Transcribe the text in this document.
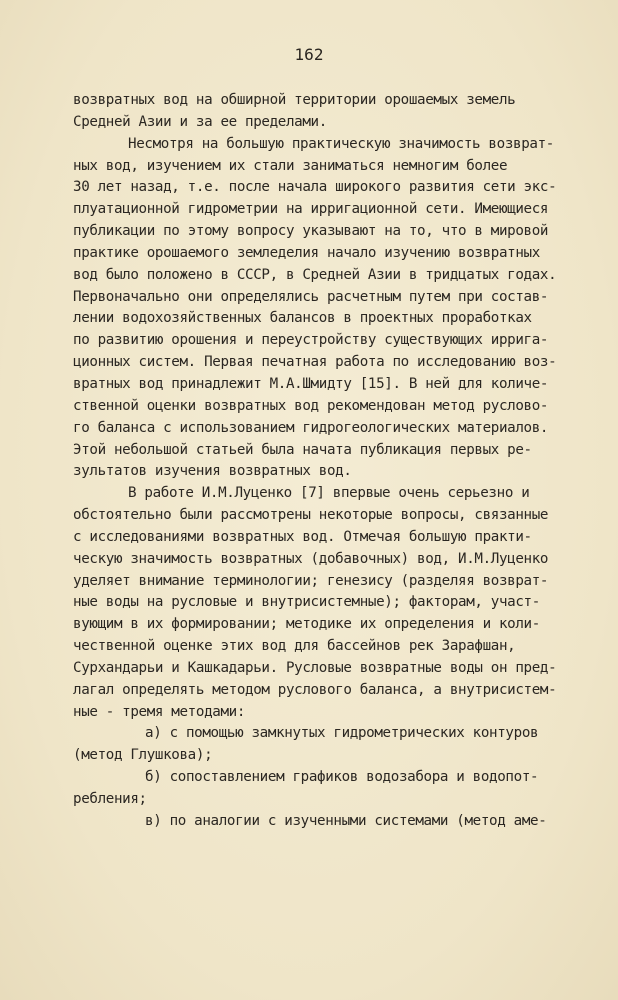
162
возвратных вод на обширной территории орошаемых земель
Средней Азии и за ее пределами.
Несмотря на большую практическую значимость возврат-
ных вод, изучением их стали заниматься немногим более
30 лет назад, т.е. после начала широкого развития сети экс-
плуатационной гидрометрии на ирригационной сети. Имеющиеся
публикации по этому вопросу указывают на то, что в мировой
практике орошаемого земледелия начало изучению возвратных
вод было положено в СССР, в Средней Азии в тридцатых годах.
Первоначально они определялись расчетным путем при состав-
лении водохозяйственных балансов в проектных проработках
по развитию орошения и переустройству существующих ирригa-
ционных систем. Первая печатная работа по исследованию воз-
вратных вод принадлежит М.А.Шмидту [15]. В ней для количе-
ственной оценки возвратных вод рекомендован метод руслово-
го баланса с использованием гидрогеологических материалов.
Этой небольшой статьей была начата публикация первых ре-
зультатов изучения возвратных вод.
В работе И.М.Луценко [7] впервые очень серьезно и
обстоятельно были рассмотрены некоторые вопросы, связанные
с исследованиями возвратных вод. Отмечая большую практи-
ческую значимость возвратных (добавочных) вод, И.М.Луценко
уделяет внимание терминологии; генезису (разделяя возврат-
ные воды на русловые и внутрисистемные); факторам, участ-
вующим в их формировании; методике их определения и коли-
чественной оценке этих вод для бассейнов рек Зарафшан,
Сурхандарьи и Кашкадарьи. Русловые возвратные воды он пред-
лагал определять методом руслового баланса, а внутрисистем-
ные - тремя методами:
а) с помощью замкнутых гидрометрических контуров
(метод Глушкова);
б) сопоставлением графиков водозабора и водопот-
ребления;
в) по аналогии с изученными системами (метод аме-
